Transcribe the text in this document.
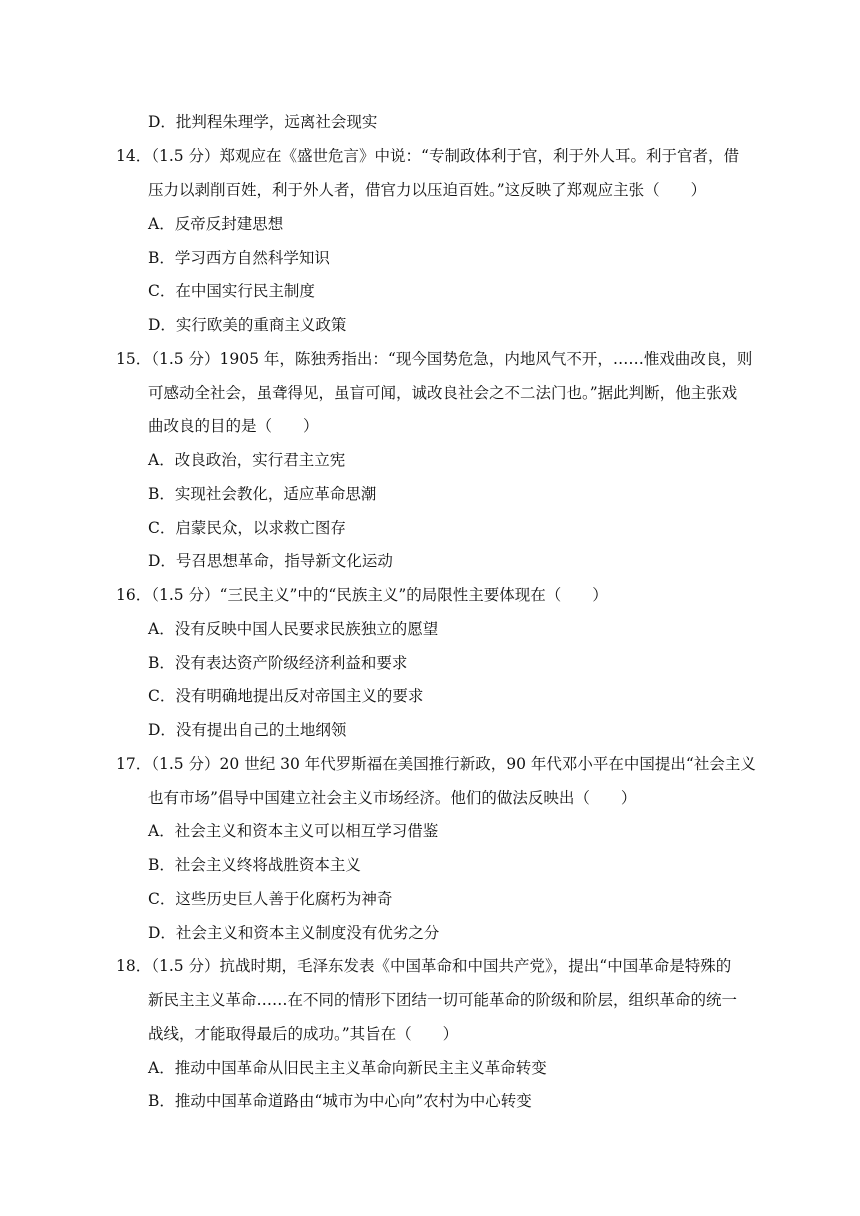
D．批判程朱理学，远离社会现实
14．（1.5 分）郑观应在《盛世危言》中说：“专制政体利于官，利于外人耳。利于官者，借
压力以剥削百姓，利于外人者，借官力以压迫百姓。”这反映了郑观应主张（　　）
A．反帝反封建思想
B．学习西方自然科学知识
C．在中国实行民主制度
D．实行欧美的重商主义政策
15．（1.5 分）1905 年，陈独秀指出：“现今国势危急，内地风气不开，……惟戏曲改良，则
可感动全社会，虽聋得见，虽盲可闻，诚改良社会之不二法门也。”据此判断，他主张戏
曲改良的目的是（　　）
A．改良政治，实行君主立宪
B．实现社会教化，适应革命思潮
C．启蒙民众，以求救亡图存
D．号召思想革命，指导新文化运动
16．（1.5 分）“三民主义”中的“民族主义”的局限性主要体现在（　　）
A．没有反映中国人民要求民族独立的愿望
B．没有表达资产阶级经济利益和要求
C．没有明确地提出反对帝国主义的要求
D．没有提出自己的土地纲领
17．（1.5 分）20 世纪 30 年代罗斯福在美国推行新政，90 年代邓小平在中国提出“社会主义
也有市场”倡导中国建立社会主义市场经济。他们的做法反映出（　　）
A．社会主义和资本主义可以相互学习借鉴
B．社会主义终将战胜资本主义
C．这些历史巨人善于化腐朽为神奇
D．社会主义和资本主义制度没有优劣之分
18．（1.5 分）抗战时期，毛泽东发表《中国革命和中国共产党》，提出“中国革命是特殊的
新民主主义革命……在不同的情形下团结一切可能革命的阶级和阶层，组织革命的统一
战线，才能取得最后的成功。”其旨在（　　）
A．推动中国革命从旧民主主义革命向新民主主义革命转变
B．推动中国革命道路由“城市为中心向”农村为中心转变
